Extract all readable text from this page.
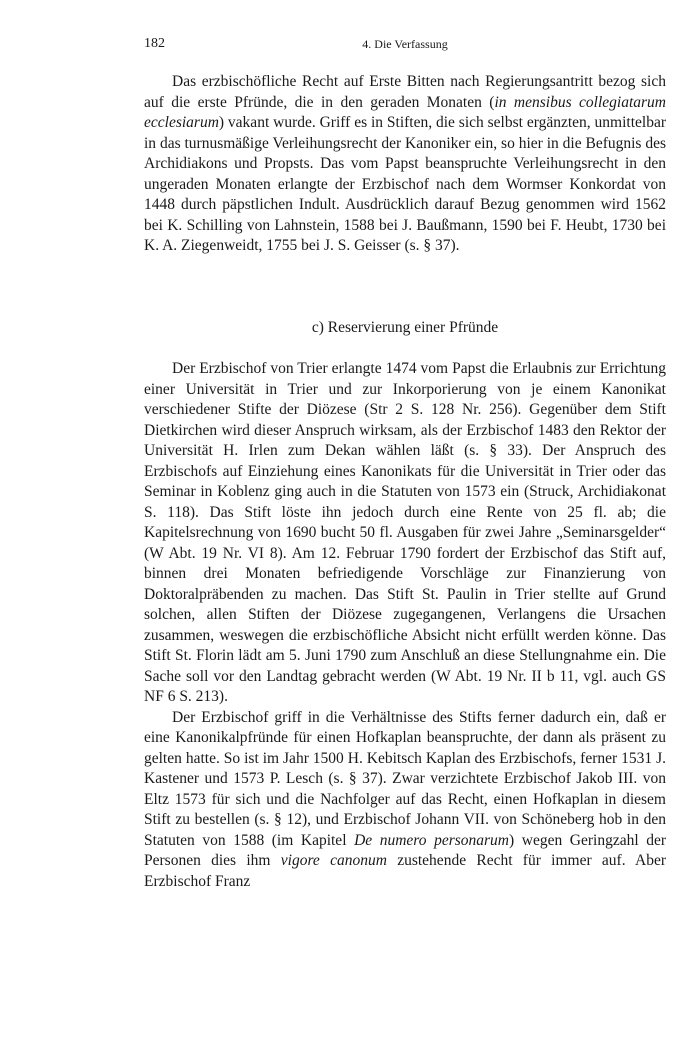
182	4. Die Verfassung

Das erzbischöfliche Recht auf Erste Bitten nach Regierungsantritt bezog sich auf die erste Pfründe, die in den geraden Monaten (in mensibus collegiatarum ecclesiarum) vakant wurde. Griff es in Stiften, die sich selbst ergänzten, unmittelbar in das turnusmäßige Verleihungsrecht der Kanoniker ein, so hier in die Befugnis des Archidiakons und Propsts. Das vom Papst beanspruchte Verleihungsrecht in den ungeraden Monaten erlangte der Erzbischof nach dem Wormser Konkordat von 1448 durch päpstlichen Indult. Ausdrücklich darauf Bezug genommen wird 1562 bei K. Schilling von Lahnstein, 1588 bei J. Baußmann, 1590 bei F. Heubt, 1730 bei K. A. Ziegenweidt, 1755 bei J. S. Geisser (s. § 37).

c) Reservierung einer Pfründe

Der Erzbischof von Trier erlangte 1474 vom Papst die Erlaubnis zur Errichtung einer Universität in Trier und zur Inkorporierung von je einem Kanonikat verschiedener Stifte der Diözese (Str 2 S. 128 Nr. 256). Gegenüber dem Stift Dietkirchen wird dieser Anspruch wirksam, als der Erzbischof 1483 den Rektor der Universität H. Irlen zum Dekan wählen läßt (s. § 33). Der Anspruch des Erzbischofs auf Einziehung eines Kanonikats für die Universität in Trier oder das Seminar in Koblenz ging auch in die Statuten von 1573 ein (Struck, Archidiakonat S. 118). Das Stift löste ihn jedoch durch eine Rente von 25 fl. ab; die Kapitelsrechnung von 1690 bucht 50 fl. Ausgaben für zwei Jahre „Seminarsgelder“ (W Abt. 19 Nr. VI 8). Am 12. Februar 1790 fordert der Erzbischof das Stift auf, binnen drei Monaten befriedigende Vorschläge zur Finanzierung von Doktoralpräbenden zu machen. Das Stift St. Paulin in Trier stellte auf Grund solchen, allen Stiften der Diözese zugegangenen, Verlangens die Ursachen zusammen, weswegen die erzbischöfliche Absicht nicht erfüllt werden könne. Das Stift St. Florin lädt am 5. Juni 1790 zum Anschluß an diese Stellungnahme ein. Die Sache soll vor den Landtag gebracht werden (W Abt. 19 Nr. II b 11, vgl. auch GS NF 6 S. 213).

Der Erzbischof griff in die Verhältnisse des Stifts ferner dadurch ein, daß er eine Kanonikalpfründe für einen Hofkaplan beanspruchte, der dann als präsent zu gelten hatte. So ist im Jahr 1500 H. Kebitsch Kaplan des Erzbischofs, ferner 1531 J. Kastener und 1573 P. Lesch (s. § 37). Zwar verzichtete Erzbischof Jakob III. von Eltz 1573 für sich und die Nachfolger auf das Recht, einen Hofkaplan in diesem Stift zu bestellen (s. § 12), und Erzbischof Johann VII. von Schöneberg hob in den Statuten von 1588 (im Kapitel De numero personarum) wegen Geringzahl der Personen dies ihm vigore canonum zustehende Recht für immer auf. Aber Erzbischof Franz
